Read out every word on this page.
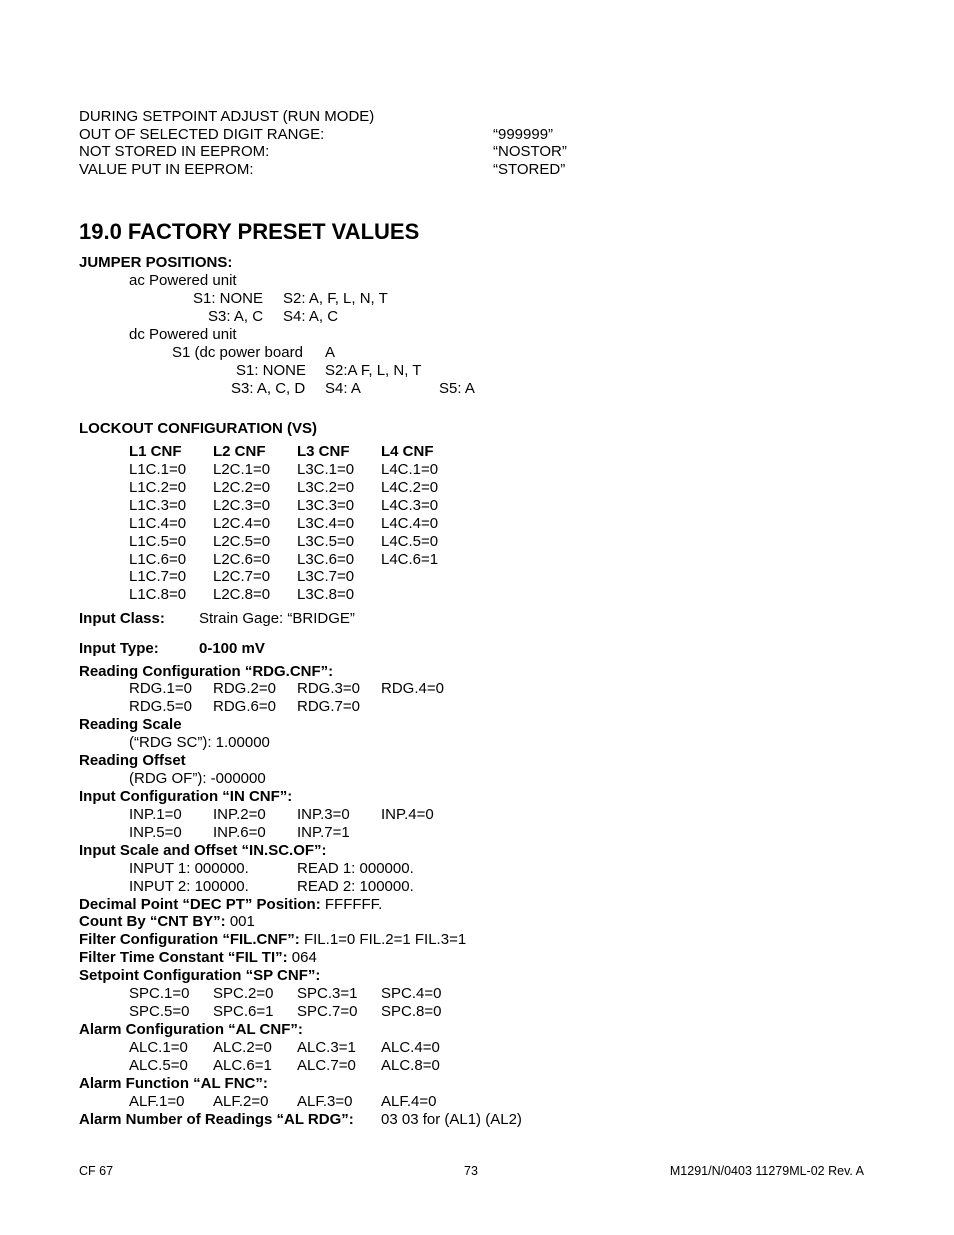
DURING SETPOINT ADJUST (RUN MODE)
OUT OF SELECTED DIGIT RANGE:	“999999”
NOT STORED IN EEPROM:	“NOSTOR”
VALUE PUT IN EEPROM:	“STORED”
19.0 FACTORY PRESET VALUES
JUMPER POSITIONS:
ac Powered unit
S1: NONE S2: A, F, L, N, T
S3: A, C S4: A, C
dc Powered unit
S1 (dc power board A
S1: NONE S2:A F, L, N, T
S3: A, C, D S4: A	S5: A
LOCKOUT CONFIGURATION (VS)
L1 CNF L2 CNF L3 CNF L4 CNF
L1C.1=0 L2C.1=0 L3C.1=0 L4C.1=0
L1C.2=0 L2C.2=0 L3C.2=0 L4C.2=0
L1C.3=0 L2C.3=0 L3C.3=0 L4C.3=0
L1C.4=0 L2C.4=0 L3C.4=0 L4C.4=0
L1C.5=0 L2C.5=0 L3C.5=0 L4C.5=0
L1C.6=0 L2C.6=0 L3C.6=0 L4C.6=1
L1C.7=0 L2C.7=0 L3C.7=0
L1C.8=0 L2C.8=0 L3C.8=0
Input Class: Strain Gage: “BRIDGE”
Input Type:	0-100 mV
Reading Configuration “RDG.CNF”:
RDG.1=0 RDG.2=0 RDG.3=0 RDG.4=0
RDG.5=0 RDG.6=0 RDG.7=0
Reading Scale
(“RDG SC”): 1.00000
Reading Offset
(RDG OF”): -000000
Input Configuration “IN CNF”:
INP.1=0 INP.2=0 INP.3=0 INP.4=0
INP.5=0 INP.6=0 INP.7=1
Input Scale and Offset “IN.SC.OF”:
INPUT 1: 000000.	READ 1: 000000.
INPUT 2: 100000.	READ 2: 100000.
Decimal Point “DEC PT” Position: FFFFFF.
Count By “CNT BY”: 001
Filter Configuration “FIL.CNF”: FIL.1=0 FIL.2=1 FIL.3=1
Filter Time Constant “FIL TI”: 064
Setpoint Configuration “SP CNF”:
SPC.1=0 SPC.2=0 SPC.3=1 SPC.4=0
SPC.5=0 SPC.6=1 SPC.7=0 SPC.8=0
Alarm Configuration “AL CNF”:
ALC.1=0 ALC.2=0 ALC.3=1 ALC.4=0
ALC.5=0 ALC.6=1 ALC.7=0 ALC.8=0
Alarm Function “AL FNC”:
ALF.1=0 ALF.2=0 ALF.3=0 ALF.4=0
Alarm Number of Readings “AL RDG”: 03 03 for (AL1) (AL2)
CF 67	73	M1291/N/0403 11279ML-02 Rev. A
